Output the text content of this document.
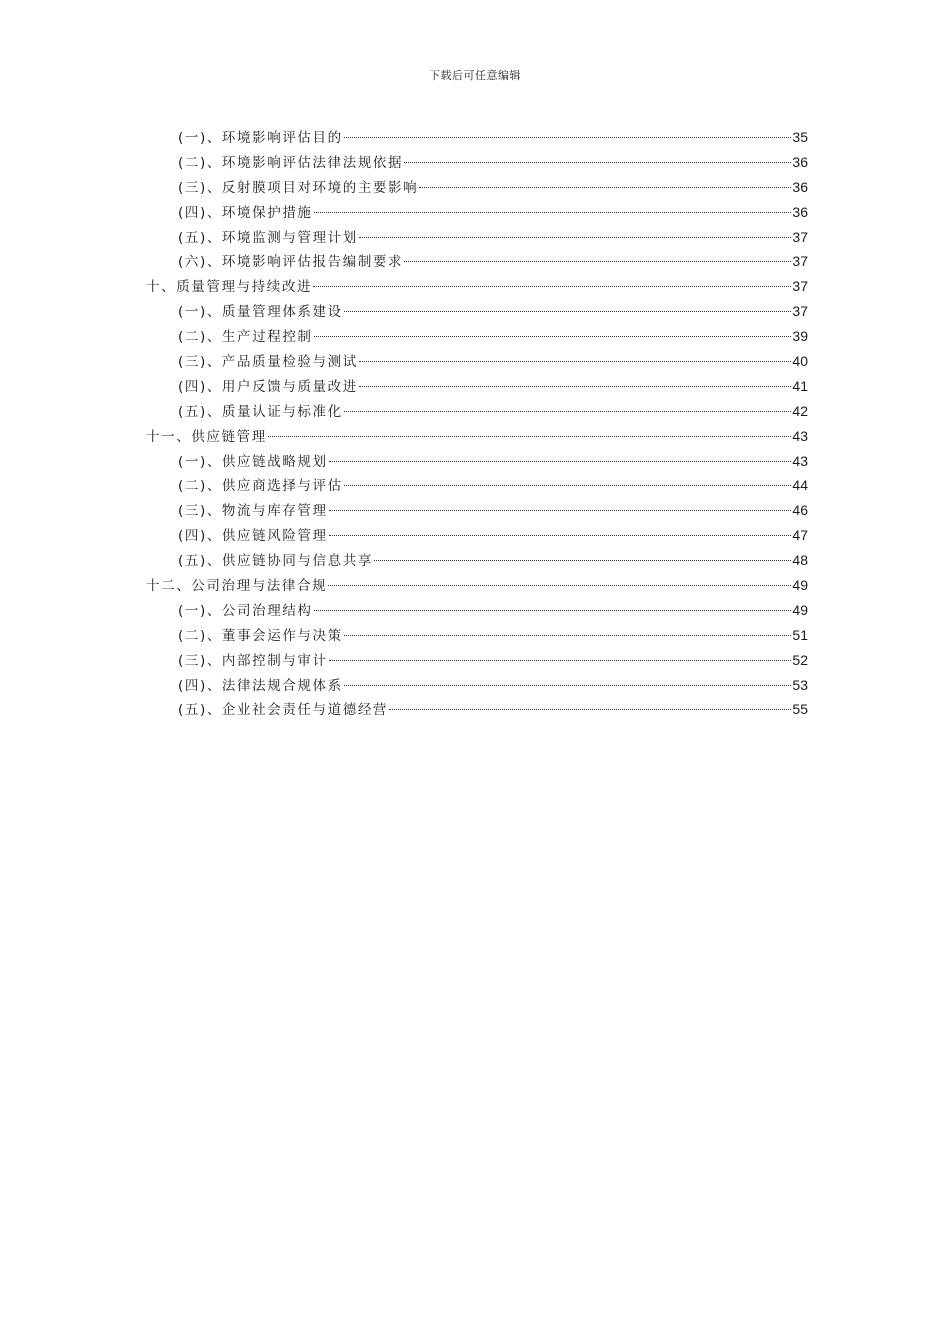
下载后可任意编辑
(一)、环境影响评估目的	35
(二)、环境影响评估法律法规依据	36
(三)、反射膜项目对环境的主要影响	36
(四)、环境保护措施	36
(五)、环境监测与管理计划	37
(六)、环境影响评估报告编制要求	37
十、质量管理与持续改进	37
(一)、质量管理体系建设	37
(二)、生产过程控制	39
(三)、产品质量检验与测试	40
(四)、用户反馈与质量改进	41
(五)、质量认证与标准化	42
十一、供应链管理	43
(一)、供应链战略规划	43
(二)、供应商选择与评估	44
(三)、物流与库存管理	46
(四)、供应链风险管理	47
(五)、供应链协同与信息共享	48
十二、公司治理与法律合规	49
(一)、公司治理结构	49
(二)、董事会运作与决策	51
(三)、内部控制与审计	52
(四)、法律法规合规体系	53
(五)、企业社会责任与道德经营	55
